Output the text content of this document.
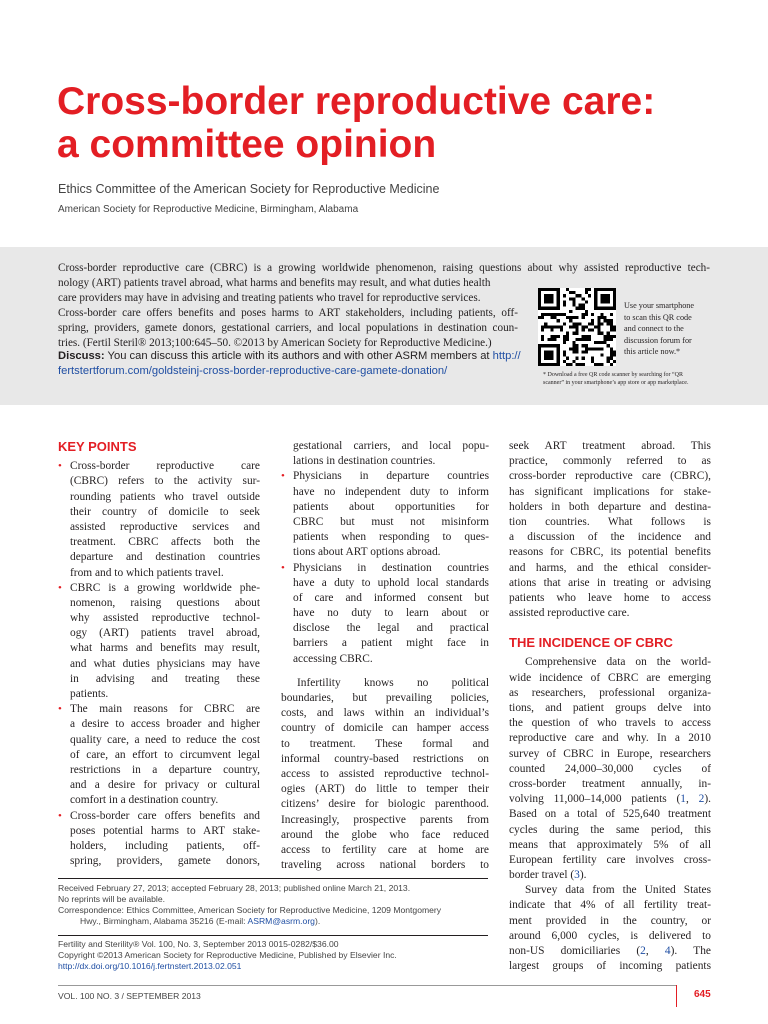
Cross-border reproductive care:
a committee opinion
Ethics Committee of the American Society for Reproductive Medicine
American Society for Reproductive Medicine, Birmingham, Alabama
Cross-border reproductive care (CBRC) is a growing worldwide phenomenon, raising questions about why assisted reproductive tech-
nology (ART) patients travel abroad, what harms and benefits may result, and what duties health
care providers may have in advising and treating patients who travel for reproductive services.
Cross-border care offers benefits and poses harms to ART stakeholders, including patients, off-
spring, providers, gamete donors, gestational carriers, and local populations in destination coun-
tries. (Fertil Steril® 2013;100:645–50. ©2013 by American Society for Reproductive Medicine.)
Discuss: You can discuss this article with its authors and with other ASRM members at http://
fertstertforum.com/goldsteinj-cross-border-reproductive-care-gamete-donation/
Use your smartphone
to scan this QR code
and connect to the
discussion forum for
this article now.*
* Download a free QR code scanner by searching for “QR
scanner” in your smartphone’s app store or app marketplace.
KEY POINTS
Cross-border reproductive care
•
(CBRC) refers to the activity sur-
rounding patients who travel outside
their country of domicile to seek
assisted reproductive services and
treatment. CBRC affects both the
departure and destination countries
from and to which patients travel.
CBRC is a growing worldwide phe-
•
nomenon, raising questions about
why assisted reproductive technol-
ogy (ART) patients travel abroad,
what harms and benefits may result,
and what duties physicians may have
in advising and treating these
patients.
The main reasons for CBRC are
•
a desire to access broader and higher
quality care, a need to reduce the cost
of care, an effort to circumvent legal
restrictions in a departure country,
and a desire for privacy or cultural
comfort in a destination country.
Cross-border care offers benefits and
•
poses potential harms to ART stake-
holders, including patients, off-
spring, providers, gamete donors,
gestational carriers, and local popu-
lations in destination countries.
Physicians in departure countries
•
have no independent duty to inform
patients about opportunities for
CBRC but must not misinform
patients when responding to ques-
tions about ART options abroad.
Physicians in destination countries
•
have a duty to uphold local standards
of care and informed consent but
have no duty to learn about or
disclose the legal and practical
barriers a patient might face in
accessing CBRC.
Infertility knows no political
boundaries, but prevailing policies,
costs, and laws within an individual’s
country of domicile can hamper access
to treatment. These formal and
informal country-based restrictions on
access to assisted reproductive technol-
ogies (ART) do little to temper their
citizens’ desire for biologic parenthood.
Increasingly, prospective parents from
around the globe who face reduced
access to fertility care at home are
traveling across national borders to
seek ART treatment abroad. This
practice, commonly referred to as
cross-border reproductive care (CBRC),
has significant implications for stake-
holders in both departure and destina-
tion countries. What follows is
a discussion of the incidence and
reasons for CBRC, its potential benefits
and harms, and the ethical consider-
ations that arise in treating or advising
patients who leave home to access
assisted reproductive care.
THE INCIDENCE OF CBRC
Comprehensive data on the world-
wide incidence of CBRC are emerging
as researchers, professional organiza-
tions, and patient groups delve into
the question of who travels to access
reproductive care and why. In a 2010
survey of CBRC in Europe, researchers
counted 24,000–30,000 cycles of
cross-border treatment annually, in-
volving 11,000–14,000 patients (1, 2).
Based on a total of 525,640 treatment
cycles during the same period, this
means that approximately 5% of all
European fertility care involves cross-
border travel (3).
Survey data from the United States
indicate that 4% of all fertility treat-
ment provided in the country, or
around 6,000 cycles, is delivered to
non-US domiciliaries (2, 4). The
largest groups of incoming patients
Received February 27, 2013; accepted February 28, 2013; published online March 21, 2013.
No reprints will be available.
Correspondence: Ethics Committee, American Society for Reproductive Medicine, 1209 Montgomery
Hwy., Birmingham, Alabama 35216 (E-mail: ASRM@asrm.org).
Fertility and Sterility® Vol. 100, No. 3, September 2013 0015-0282/$36.00
Copyright ©2013 American Society for Reproductive Medicine, Published by Elsevier Inc.
http://dx.doi.org/10.1016/j.fertnstert.2013.02.051
VOL. 100 NO. 3 / SEPTEMBER 2013	645
